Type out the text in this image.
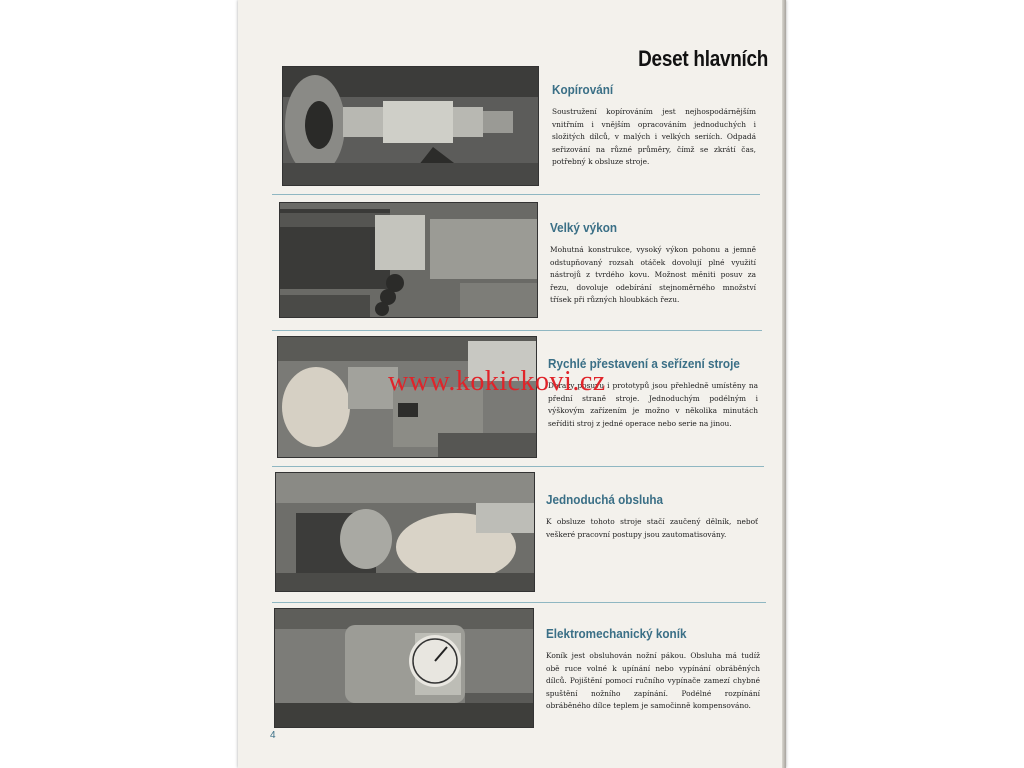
Deset hlavních
Kopírování
Soustružení kopírováním jest nejhospodárnějším vnitřním i vnějším opracováním jednoduchých i složitých dílců, v malých i velkých seriích. Odpadá seřizování na různé průměry, čímž se zkrátí čas, potřebný k obsluze stroje.
Velký výkon
Mohutná konstrukce, vysoký výkon pohonu a jemně odstupňovaný rozsah otáček dovolují plné využití nástrojů z tvrdého kovu. Možnost měniti posuv za řezu, dovoluje odebírání stejnoměrného množství třísek při různých hloubkách řezu.
Rychlé přestavení a seřízení stroje
Dorazy posuvu i prototypů jsou přehledně umístěny na přední straně stroje. Jednoduchým podélným i výškovým zařízením je možno v několika minutách seříditi stroj z jedné operace nebo serie na jinou.
Jednoduchá obsluha
K obsluze tohoto stroje stačí zaučený dělník, neboť veškeré pracovní postupy jsou zautomatisovány.
Elektromechanický koník
Koník jest obsluhován nožní pákou. Obsluha má tudíž obě ruce volné k upínání nebo vypínání obráběných dílců. Pojištění pomocí ručního vypínače zamezí chybné spuštění nožního zapínání. Podélné rozpínání obráběného dílce teplem je samočinně kompensováno.
4
www.kokickovi.cz
